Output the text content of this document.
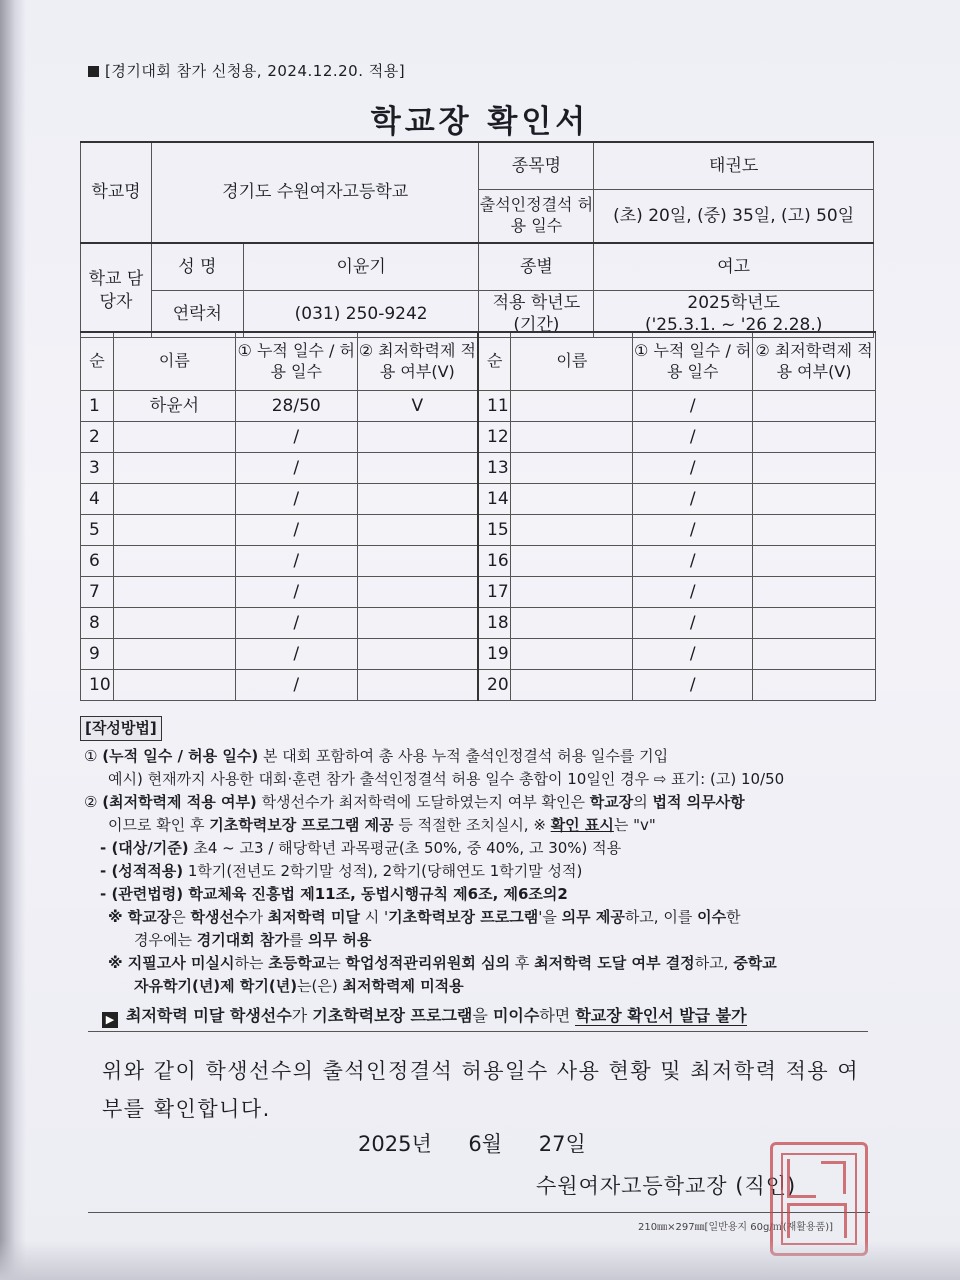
[경기대회 참가 신청용, 2024.12.20. 적용]
학교장 확인서
학교명	경기도 수원여자고등학교		종목명	태권도
			출석인정결석 허용 일수	(초) 20일, (중) 35일, (고) 50일
학교 담당자	성 명	이윤기	종별	여고
	연락처	(031) 250-9242	적용 학년도 (기간)	2025학년도
('25.3.1. ~ '26 2.28.)
순	이름	① 누적 일수 / 허용 일수	② 최저학력제 적용 여부(V)	순	이름	① 누적 일수 / 허용 일수	② 최저학력제 적용 여부(V)
1	하윤서	28/50	V	11		/	
2		/		12		/	
3		/		13		/	
4		/		14		/	
5		/		15		/	
6		/		16		/	
7		/		17		/	
8		/		18		/	
9		/		19		/	
10		/		20		/	

[작성방법]

① (누적 일수 / 허용 일수) 본 대회 포함하여 총 사용 누적 출석인정결석 허용 일수를 기입

예시) 현재까지 사용한 대회·훈련 참가 출석인정결석 허용 일수 총합이 10일인 경우 ⇨ 표기: (고) 10/50

② (최저학력제 적용 여부) 학생선수가 최저학력에 도달하였는지 여부 확인은 학교장의 법적 의무사항

이므로 확인 후 기초학력보장 프로그램 제공 등 적절한 조치실시, ※ 확인 표시는 "v"

- (대상/기준) 초4 ~ 고3 / 해당학년 과목평균(초 50%, 중 40%, 고 30%) 적용

- (성적적용) 1학기(전년도 2학기말 성적), 2학기(당해연도 1학기말 성적)

- (관련법령) 학교체육 진흥법 제11조, 동법시행규칙 제6조, 제6조의2

※ 학교장은 학생선수가 최저학력 미달 시 '기초학력보장 프로그램'을 의무 제공하고, 이를 이수한

경우에는 경기대회 참가를 의무 허용

※ 지필고사 미실시하는 초등학교는 학업성적관리위원회 심의 후 최저학력 도달 여부 결정하고, 중학교

자유학기(년)제 학기(년)는(은) 최저학력제 미적용

▶ 최저학력 미달 학생선수가 기초학력보장 프로그램을 미이수하면 학교장 확인서 발급 불가
위와 같이 학생선수의 출석인정결석 허용일수 사용 현황 및 최저학력 적용 여부를 확인합니다.
2025년 6월 27일
수원여자고등학교장 (직인)
210㎜×297㎜[일반용지 60g/㎡(재활용품)]
